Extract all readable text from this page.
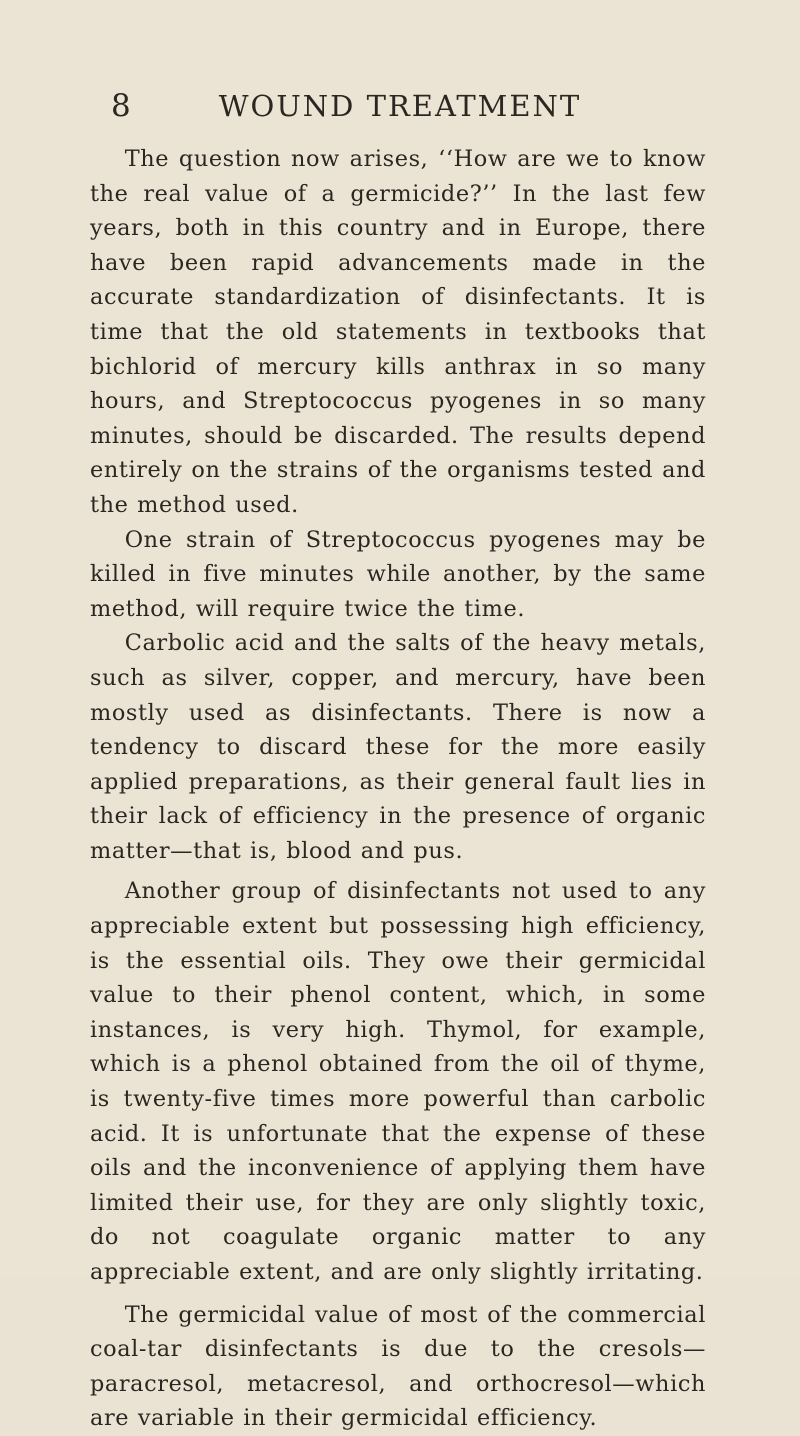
8	WOUND TREATMENT

The question now arises, ‘‘How are we to know the real value of a germicide?’’ In the last few years, both in this country and in Europe, there have been rapid advancements made in the accurate standardization of disinfectants. It is time that the old statements in textbooks that bichlorid of mercury kills anthrax in so many hours, and Streptococcus pyogenes in so many minutes, should be discarded. The results depend entirely on the strains of the organisms tested and the method used.

One strain of Streptococcus pyogenes may be killed in five minutes while another, by the same method, will require twice the time.

Carbolic acid and the salts of the heavy metals, such as silver, copper, and mercury, have been mostly used as disinfectants. There is now a tendency to discard these for the more easily applied preparations, as their general fault lies in their lack of efficiency in the presence of organic matter—that is, blood and pus.

Another group of disinfectants not used to any appreciable extent but possessing high efficiency, is the essential oils. They owe their germicidal value to their phenol content, which, in some instances, is very high. Thymol, for example, which is a phenol obtained from the oil of thyme, is twenty-five times more powerful than carbolic acid. It is unfortunate that the expense of these oils and the inconvenience of applying them have limited their use, for they are only slightly toxic, do not coagulate organic matter to any appreciable extent, and are only slightly irritating.

The germicidal value of most of the commercial coal-tar disinfectants is due to the cresols—paracresol, metacresol, and orthocresol—which are variable in their germicidal efficiency.
